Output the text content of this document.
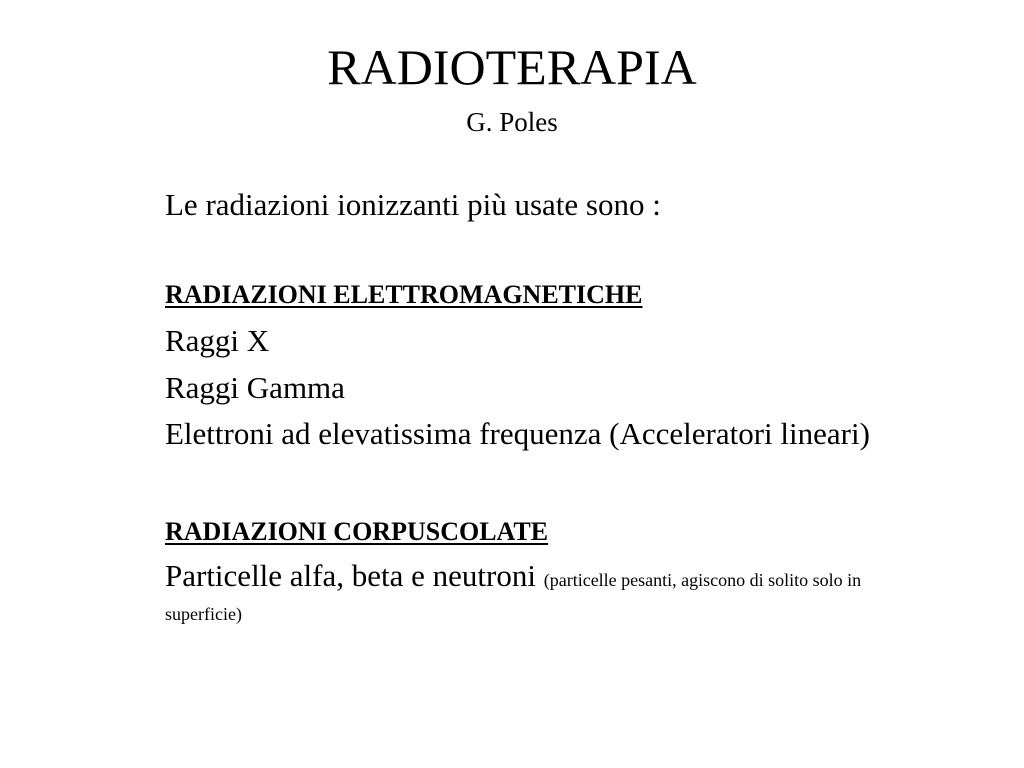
RADIOTERAPIA
G. Poles

Le radiazioni ionizzanti più usate sono :

RADIAZIONI ELETTROMAGNETICHE

Raggi X

Raggi Gamma

Elettroni ad elevatissima frequenza (Acceleratori lineari)

RADIAZIONI CORPUSCOLATE

Particelle alfa, beta e neutroni (particelle pesanti, agiscono di solito solo in superficie)
